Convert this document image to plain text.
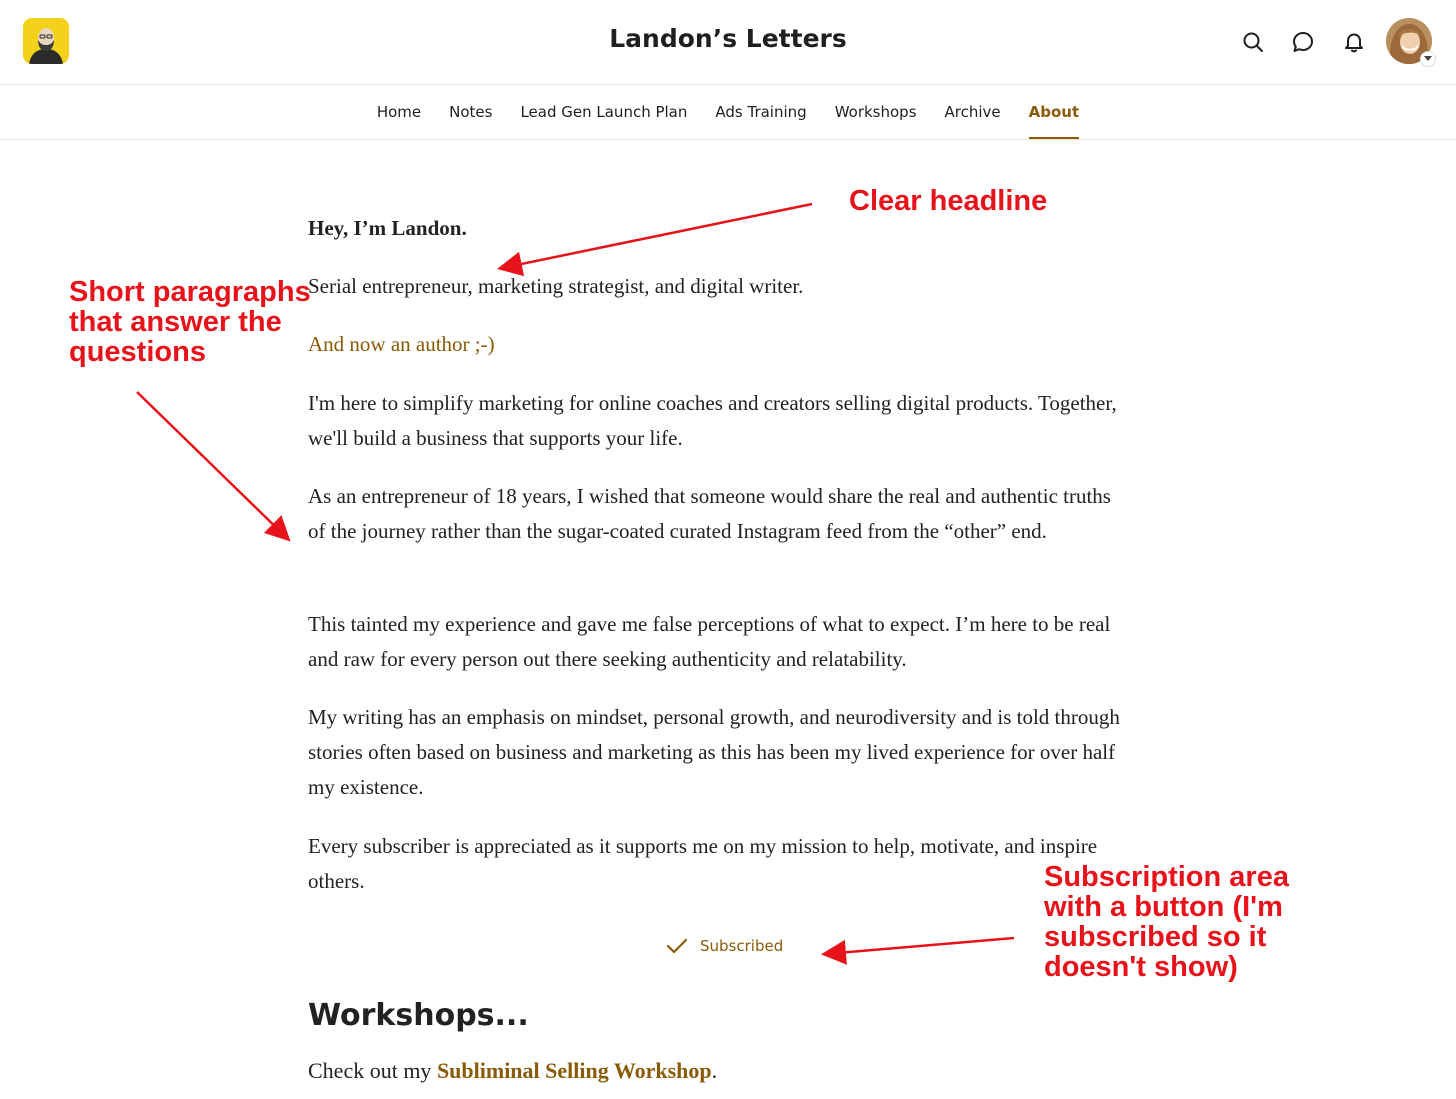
Landon’s Letters
Home Notes Lead Gen Launch Plan Ads Training Workshops Archive About

Hey, I’m Landon.

Serial entrepreneur, marketing strategist, and digital writer.

And now an author ;-)

I'm here to simplify marketing for online coaches and creators selling digital products. Together, we'll build a business that supports your life.

As an entrepreneur of 18 years, I wished that someone would share the real and authentic truths of the journey rather than the sugar-coated curated Instagram feed from the “other” end.

This tainted my experience and gave me false perceptions of what to expect. I’m here to be real and raw for every person out there seeking authenticity and relatability.

My writing has an emphasis on mindset, personal growth, and neurodiversity and is told through stories often based on business and marketing as this has been my lived experience for over half my existence.

Every subscriber is appreciated as it supports me on my mission to help, motivate, and inspire others.

Subscribed
Workshops...

Check out my Subliminal Selling Workshop.

Clear headline
Short paragraphs
that answer the
questions
Subscription area
with a button (I'm
subscribed so it
doesn't show)
